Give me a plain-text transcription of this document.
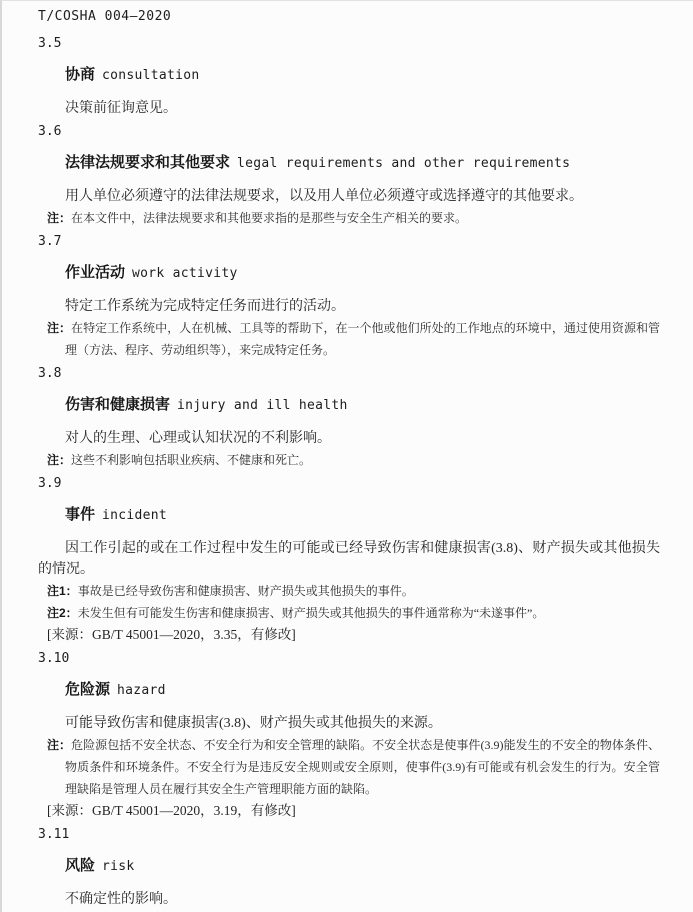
T/COSHA 004—2020
3.5
协商 consultation

决策前征询意见。

3.6
法律法规要求和其他要求 legal requirements and other requirements

用人单位必须遵守的法律法规要求，以及用人单位必须遵守或选择遵守的其他要求。

注：在本文件中，法律法规要求和其他要求指的是那些与安全生产相关的要求。

3.7
作业活动 work activity

特定工作系统为完成特定任务而进行的活动。

注：在特定工作系统中，人在机械、工具等的帮助下，在一个他或他们所处的工作地点的环境中，通过使用资源和管理（方法、程序、劳动组织等），来完成特定任务。

3.8
伤害和健康损害 injury and ill health

对人的生理、心理或认知状况的不利影响。

注：这些不利影响包括职业疾病、不健康和死亡。

3.9
事件 incident

因工作引起的或在工作过程中发生的可能或已经导致伤害和健康损害(3.8)、财产损失或其他损失的情况。

注1：事故是已经导致伤害和健康损害、财产损失或其他损失的事件。

注2：未发生但有可能发生伤害和健康损害、财产损失或其他损失的事件通常称为“未遂事件”。

[来源：GB/T 45001—2020，3.35，有修改]

3.10
危险源 hazard

可能导致伤害和健康损害(3.8)、财产损失或其他损失的来源。

注：危险源包括不安全状态、不安全行为和安全管理的缺陷。不安全状态是使事件(3.9)能发生的不安全的物体条件、物质条件和环境条件。不安全行为是违反安全规则或安全原则，使事件(3.9)有可能或有机会发生的行为。安全管理缺陷是管理人员在履行其安全生产管理职能方面的缺陷。

[来源：GB/T 45001—2020，3.19，有修改]

3.11
风险 risk

不确定性的影响。
